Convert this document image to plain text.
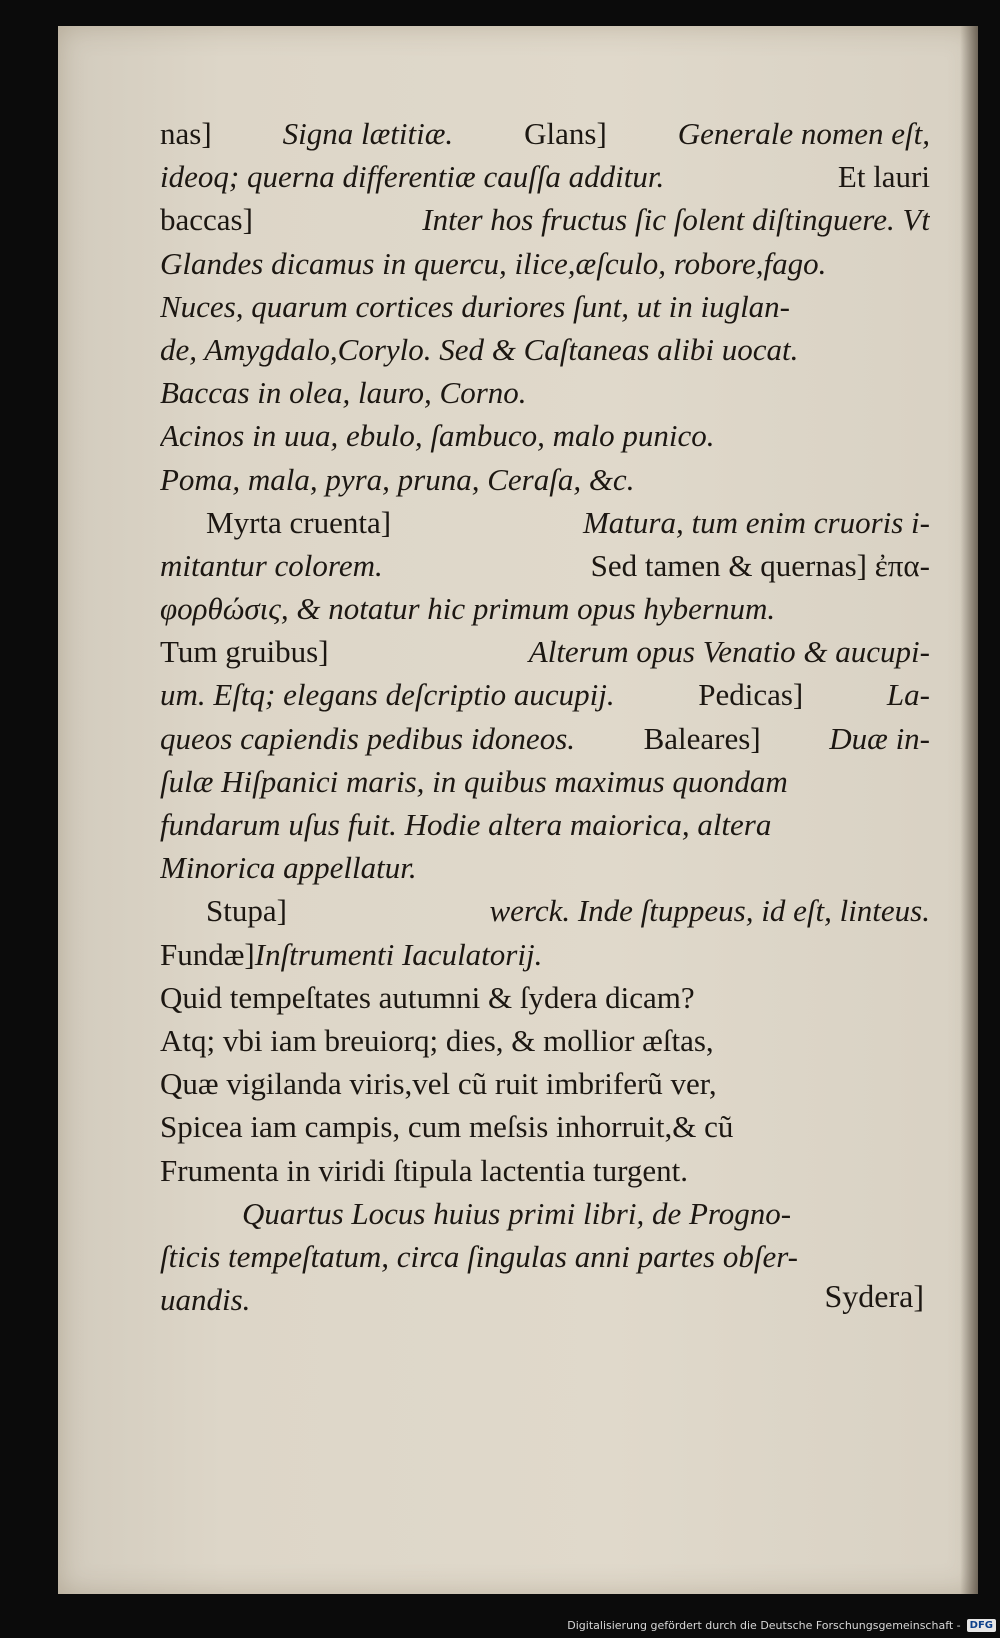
nas] Signa lætitiæ. Glans] Generale nomen eſt,
ideoq; querna differentiæ cauſſa additur.	Et lauri
baccas]	Inter hos fructus ſic ſolent diſtinguere. Vt
Glandes dicamus in quercu, ilice,æſculo, robore,fago.
Nuces, quarum cortices duriores ſunt, ut in iuglan-
de, Amygdalo,Corylo. Sed & Caſtaneas alibi uocat.
Baccas in olea, lauro, Corno.
Acinos in uua, ebulo, ſambuco, malo punico.
Poma, mala, pyra, pruna, Ceraſa, &c.
Myrta cruenta]	Matura, tum enim cruoris i-
mitantur colorem.	Sed tamen & quernas] ἐπα-
φορθώσις, & notatur hic primum opus hybernum.
Tum gruibus]	Alterum opus Venatio & aucupi-
um. Eſtq; elegans deſcriptio aucupij.	Pedicas]	La-
queos capiendis pedibus idoneos. Baleares] Duæ in-
ſulæ Hiſpanici maris, in quibus maximus quondam
fundarum uſus fuit. Hodie altera maiorica, altera
Minorica appellatur.
Stupa]	werck. Inde ſtuppeus, id eſt, linteus.
Fundæ] Inſtrumenti Iaculatorij.
Quid tempeſtates autumni & ſydera dicam?
Atq; vbi iam breuiorq; dies, & mollior æſtas,
Quæ vigilanda viris,vel cũ ruit imbriferũ ver,
Spicea iam campis, cum meſsis inhorruit,& cũ
Frumenta in viridi ſtipula lactentia turgent.
Quartus Locus huius primi libri, de Progno-
ſticis tempeſtatum, circa ſingulas anni partes obſer-
uandis.	Sydera]
Digitalisierung gefördert durch die Deutsche Forschungsgemeinschaft - DFG
